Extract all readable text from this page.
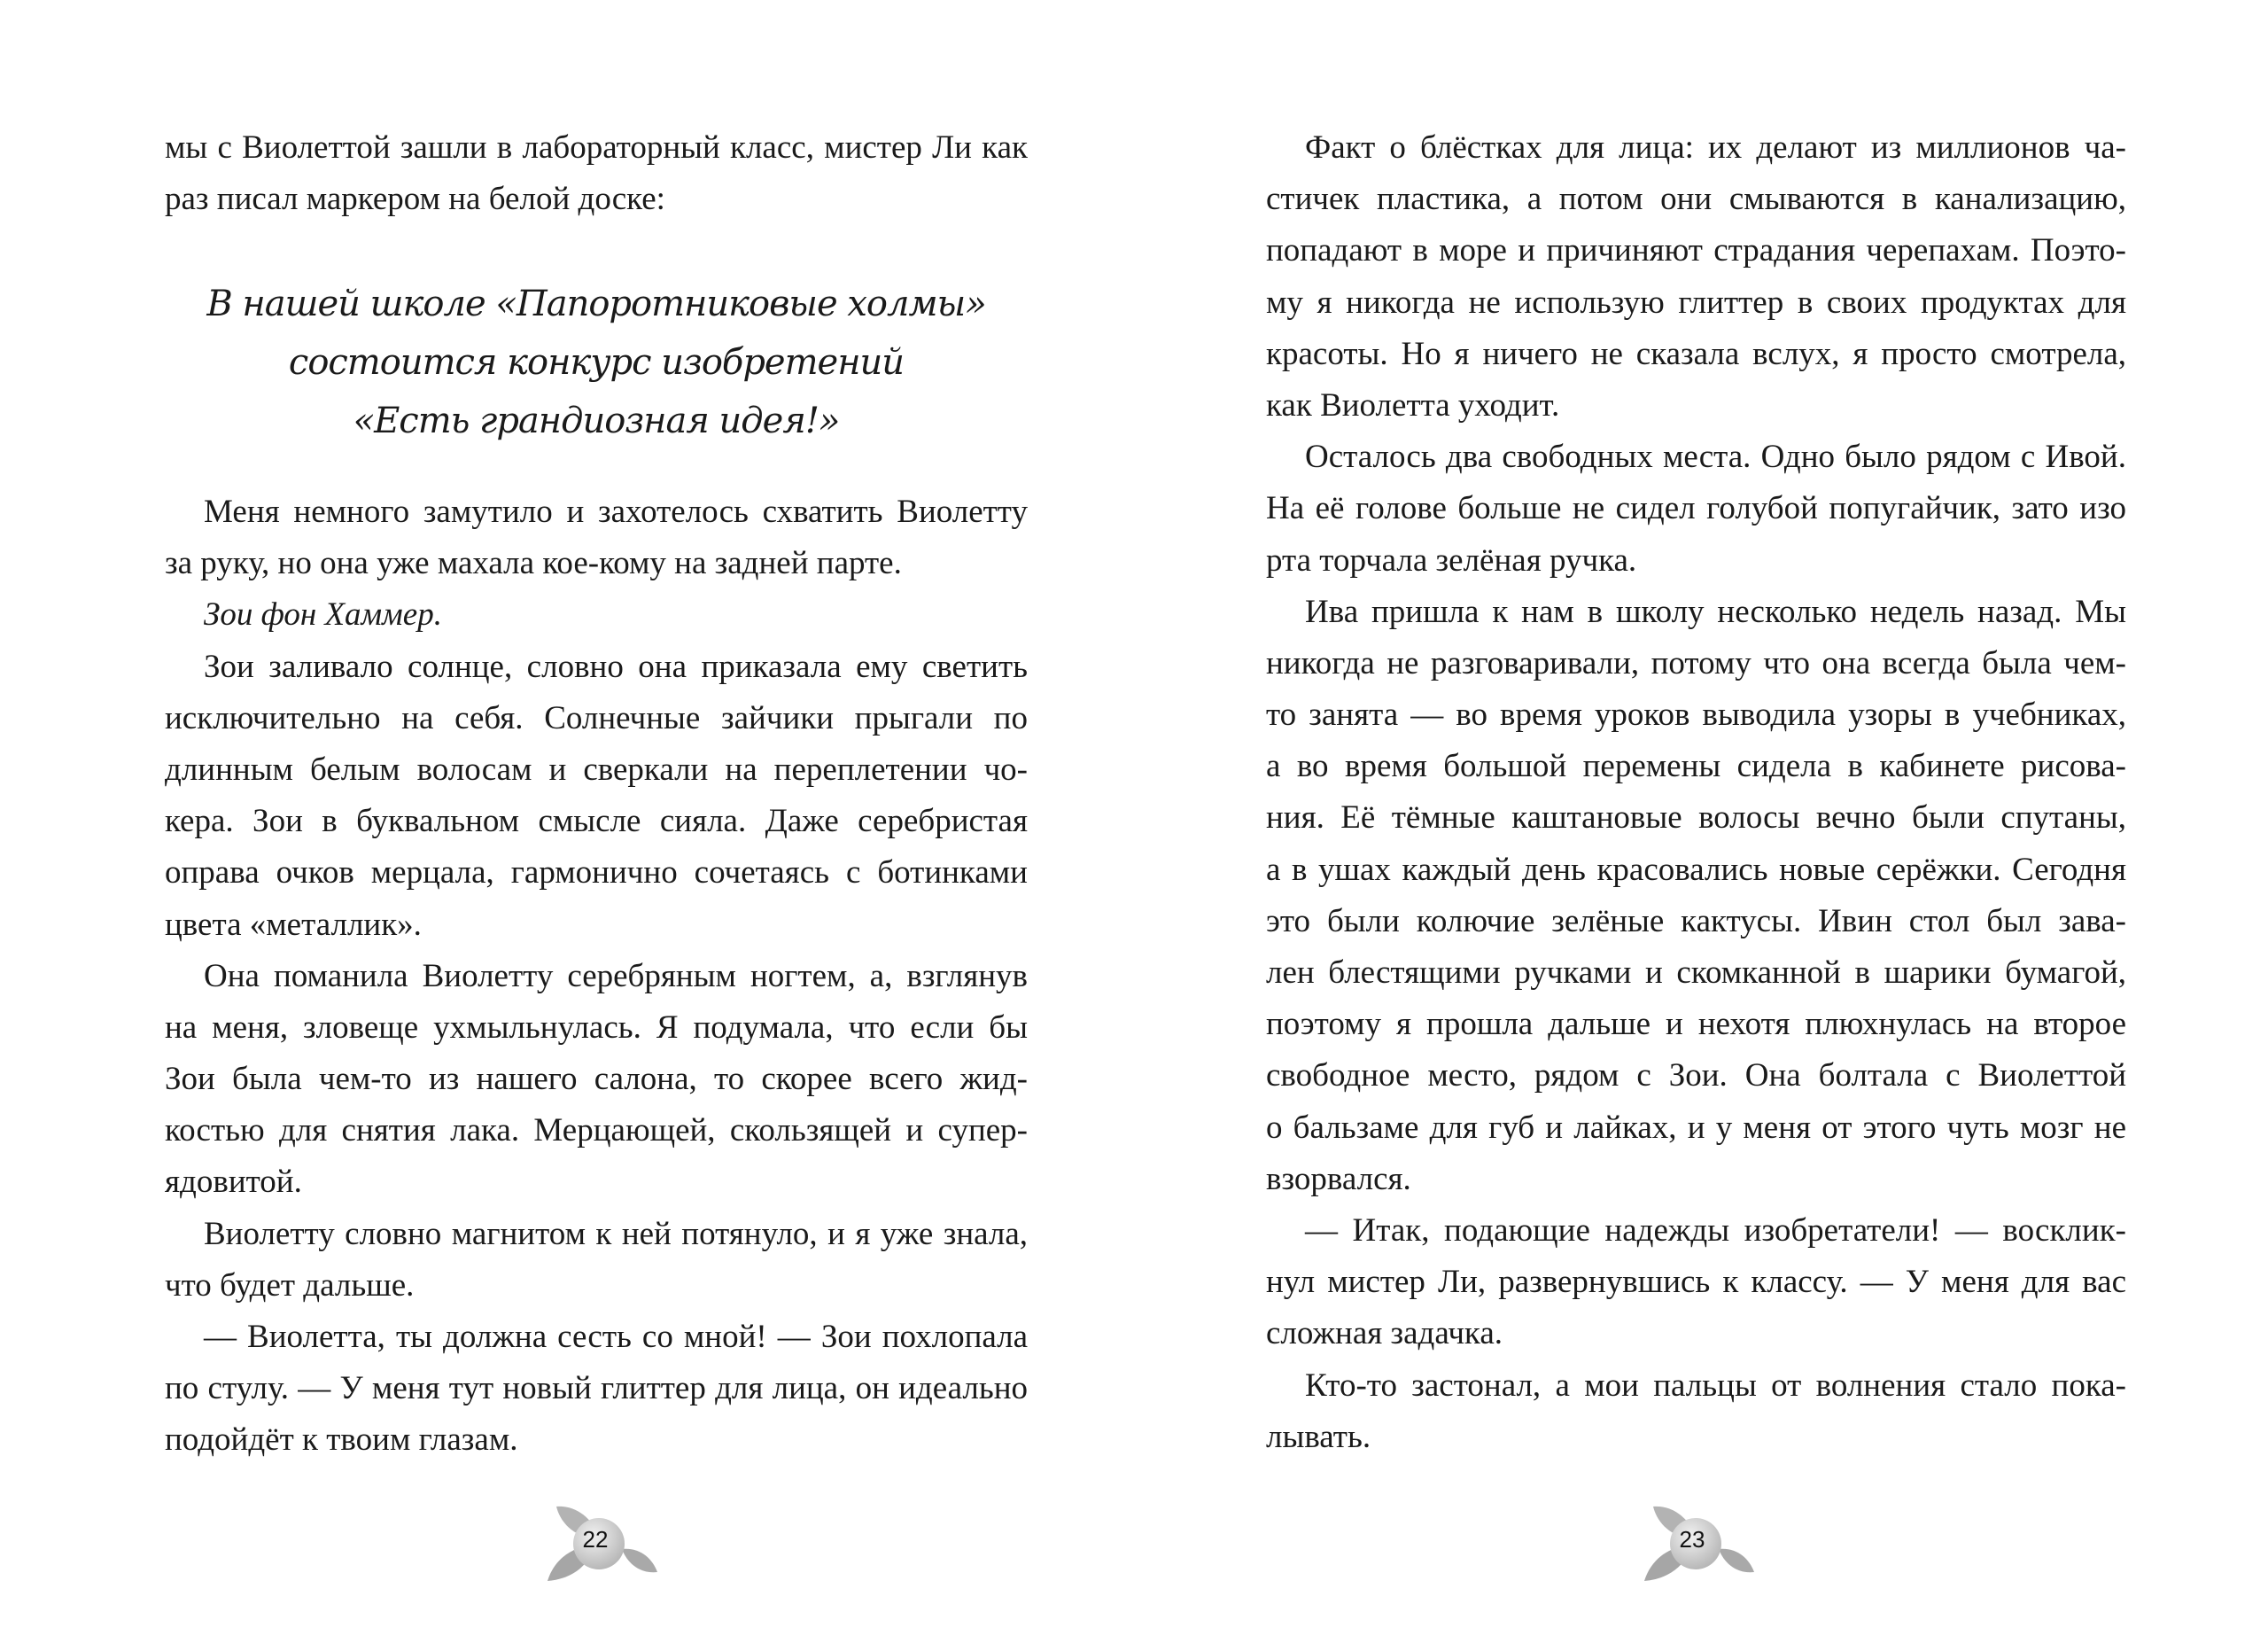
мы с Виолеттой зашли в лабораторный класс, мистер Ли как
раз писал маркером на белой доске:
В нашей школе «Папоротниковые холмы»
состоится конкурс изобретений
«Есть грандиозная идея!»
Меня немного замутило и захотелось схватить Виолетту
за руку, но она уже махала кое-кому на задней парте.
Зои фон Хаммер.
Зои заливало солнце, словно она приказала ему светить
исключительно на себя. Солнечные зайчики прыгали по
длинным белым волосам и сверкали на переплетении чо-
кера. Зои в буквальном смысле сияла. Даже серебристая
оправа очков мерцала, гармонично сочетаясь с ботинками
цвета «металлик».
Она поманила Виолетту серебряным ногтем, а, взглянув
на меня, зловеще ухмыльнулась. Я подумала, что если бы
Зои была чем-то из нашего салона, то скорее всего жид-
костью для снятия лака. Мерцающей, скользящей и супер-
ядовитой.
Виолетту словно магнитом к ней потянуло, и я уже знала,
что будет дальше.
— Виолетта, ты должна сесть со мной! — Зои похлопала
по стулу. — У меня тут новый глиттер для лица, он идеально
подойдёт к твоим глазам.
22
Факт о блёстках для лица: их делают из миллионов ча-
стичек пластика, а потом они смываются в канализацию,
попадают в море и причиняют страдания черепахам. Поэто-
му я никогда не использую глиттер в своих продуктах для
красоты. Но я ничего не сказала вслух, я просто смотрела,
как Виолетта уходит.
Осталось два свободных места. Одно было рядом с Ивой.
На её голове больше не сидел голубой попугайчик, зато изо
рта торчала зелёная ручка.
Ива пришла к нам в школу несколько недель назад. Мы
никогда не разговаривали, потому что она всегда была чем-
то занята — во время уроков выводила узоры в учебниках,
а во время большой перемены сидела в кабинете рисова-
ния. Её тёмные каштановые волосы вечно были спутаны,
а в ушах каждый день красовались новые серёжки. Сегодня
это были колючие зелёные кактусы. Ивин стол был зава-
лен блестящими ручками и скомканной в шарики бумагой,
поэтому я прошла дальше и нехотя плюхнулась на второе
свободное место, рядом с Зои. Она болтала с Виолеттой
о бальзаме для губ и лайках, и у меня от этого чуть мозг не
взорвался.
— Итак, подающие надежды изобретатели! — восклик-
нул мистер Ли, развернувшись к классу. — У меня для вас
сложная задачка.
Кто-то застонал, а мои пальцы от волнения стало пока-
лывать.
23
